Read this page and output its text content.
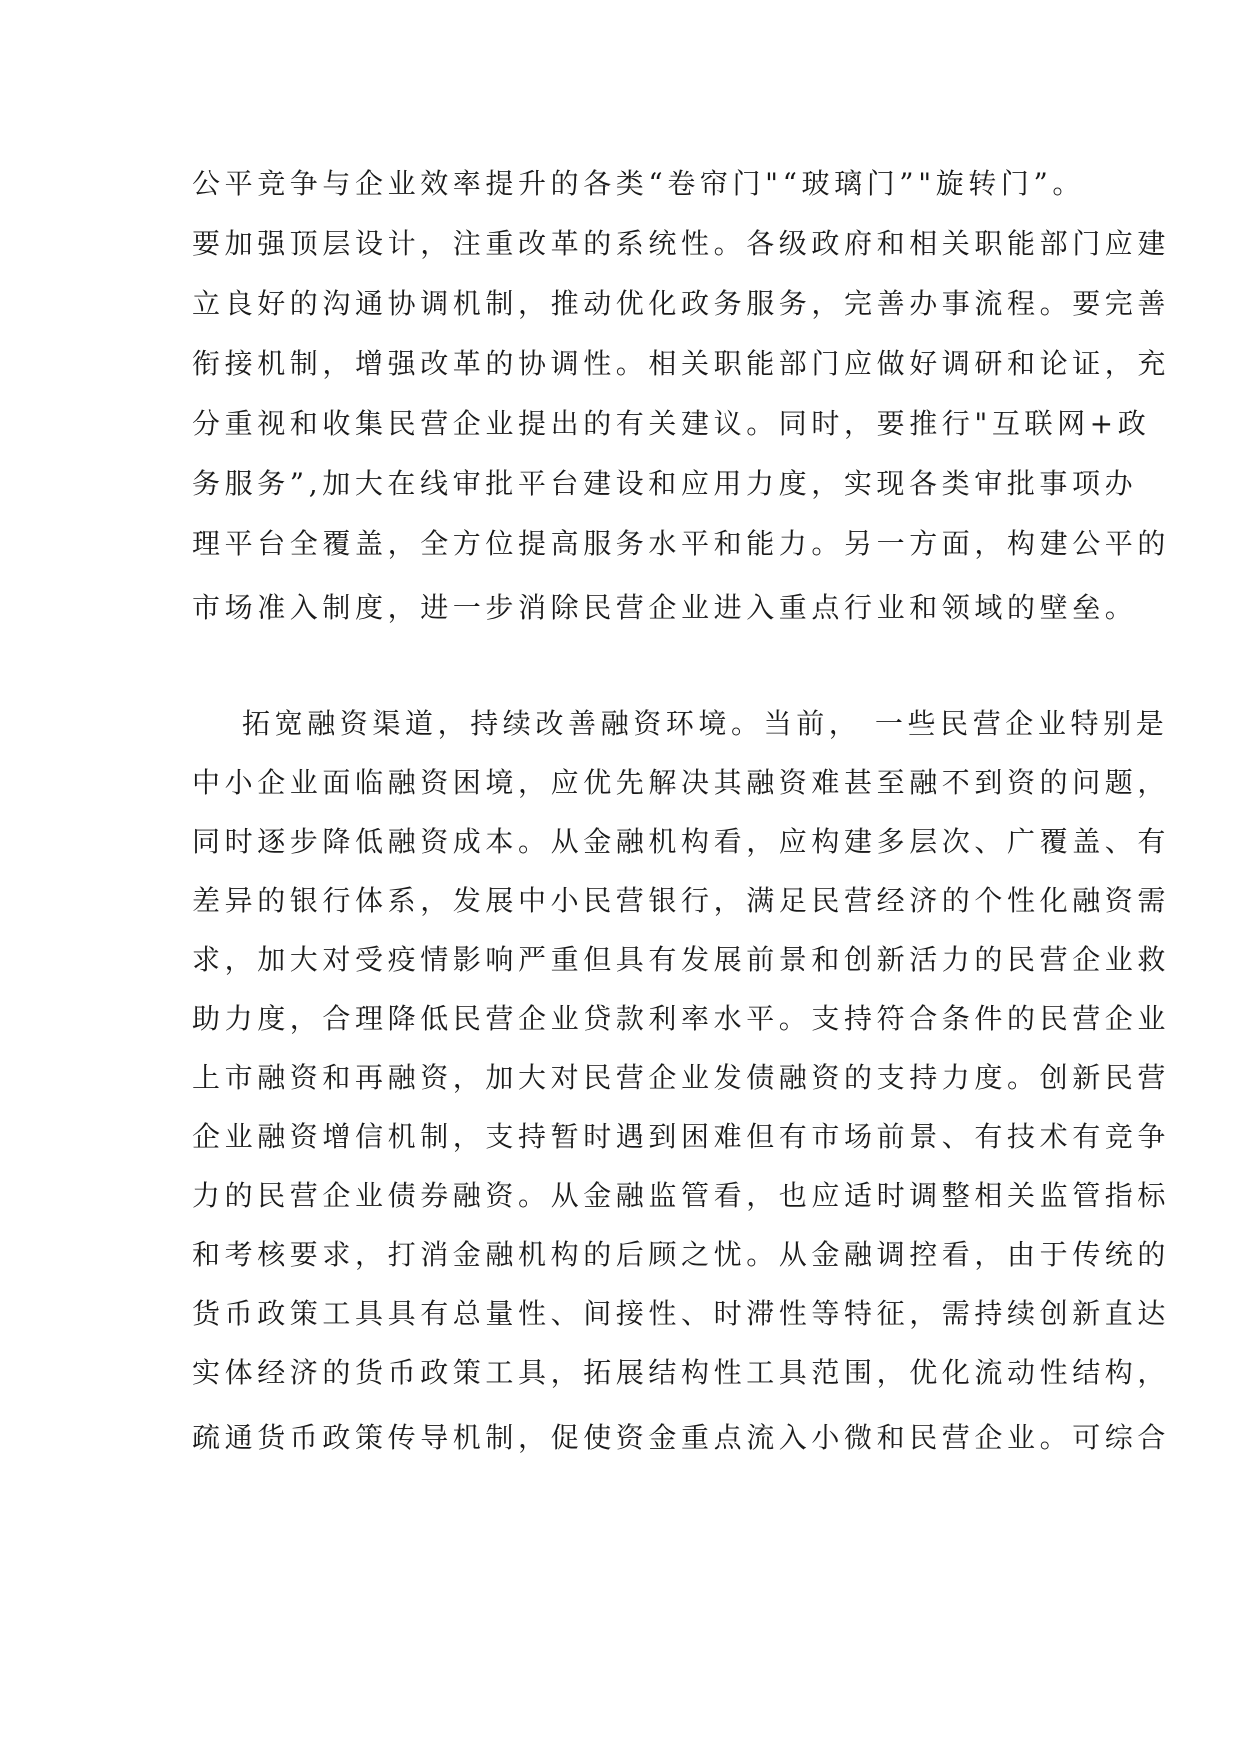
公平竞争与企业效率提升的各类“卷帘门"“玻璃门”"旋转门”。
要加强顶层设计，注重改革的系统性。各级政府和相关职能部门应建
立良好的沟通协调机制，推动优化政务服务，完善办事流程。要完善
衔接机制，增强改革的协调性。相关职能部门应做好调研和论证，充
分重视和收集民营企业提出的有关建议。同时，要推行"互联网+政
务服务”,加大在线审批平台建设和应用力度，实现各类审批事项办
理平台全覆盖，全方位提高服务水平和能力。另一方面，构建公平的
市场准入制度，进一步消除民营企业进入重点行业和领域的壁垒。
拓宽融资渠道，持续改善融资环境。当前， 一些民营企业特别是
中小企业面临融资困境，应优先解决其融资难甚至融不到资的问题，
同时逐步降低融资成本。从金融机构看，应构建多层次、广覆盖、有
差异的银行体系，发展中小民营银行，满足民营经济的个性化融资需
求，加大对受疫情影响严重但具有发展前景和创新活力的民营企业救
助力度，合理降低民营企业贷款利率水平。支持符合条件的民营企业
上市融资和再融资，加大对民营企业发债融资的支持力度。创新民营
企业融资增信机制，支持暂时遇到困难但有市场前景、有技术有竞争
力的民营企业债券融资。从金融监管看，也应适时调整相关监管指标
和考核要求，打消金融机构的后顾之忧。从金融调控看，由于传统的
货币政策工具具有总量性、间接性、时滞性等特征，需持续创新直达
实体经济的货币政策工具，拓展结构性工具范围，优化流动性结构，
疏通货币政策传导机制，促使资金重点流入小微和民营企业。可综合
